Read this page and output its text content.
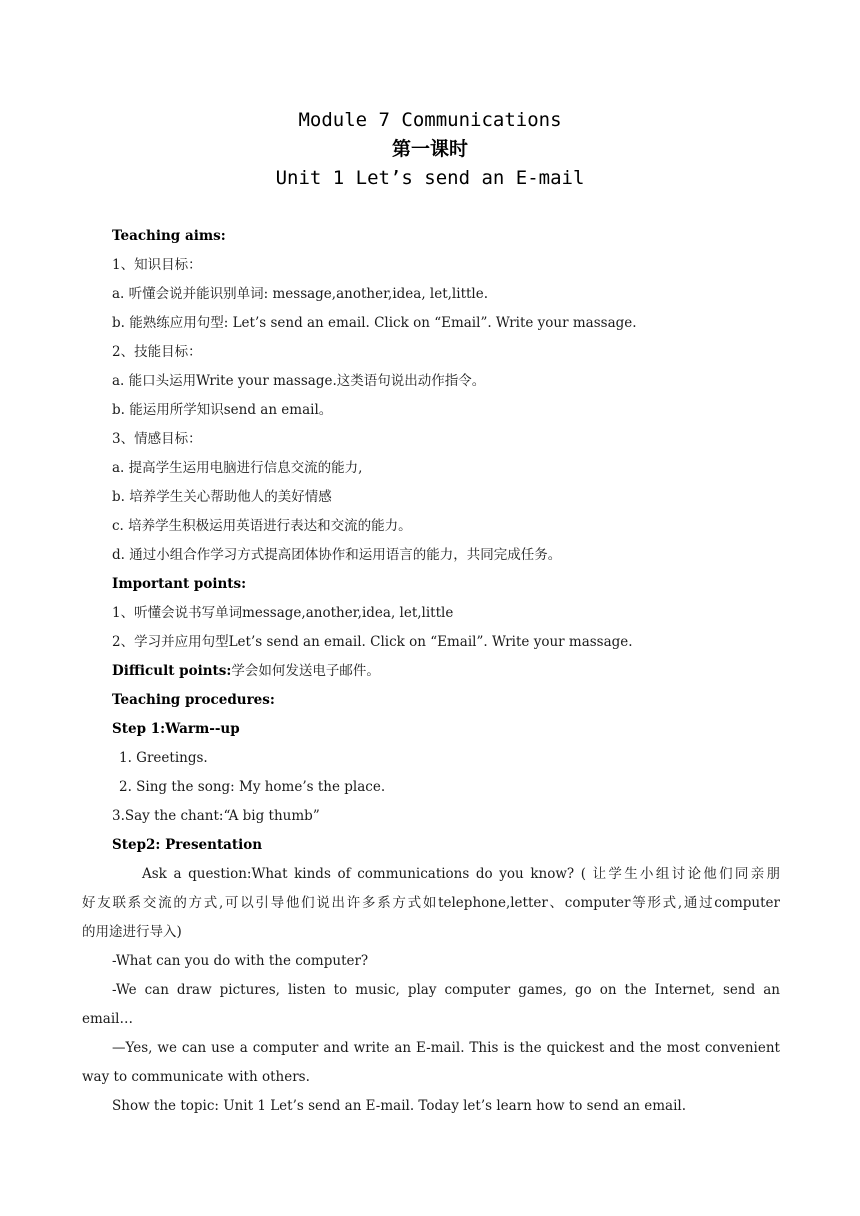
Module 7 Communications
第一课时
Unit 1 Let’s send an E-mail
Teaching aims:
1、知识目标：
a. 听懂会说并能识别单词: message,another,idea, let,little.
b. 能熟练应用句型: Let’s send an email. Click on “Email”. Write your massage.
2、技能目标：
a. 能口头运用Write your massage.这类语句说出动作指令。
b. 能运用所学知识send an email。
3、情感目标：
a. 提高学生运用电脑进行信息交流的能力,
b. 培养学生关心帮助他人的美好情感
c. 培养学生积极运用英语进行表达和交流的能力。
d. 通过小组合作学习方式提高团体协作和运用语言的能力，共同完成任务。
Important points:
1、听懂会说书写单词message,another,idea, let,little
2、学习并应用句型Let’s send an email. Click on “Email”. Write your massage.
Difficult points:学会如何发送电子邮件。
Teaching procedures:
Step 1:Warm--up
1. Greetings.
2. Sing the song: My home’s the place.
3.Say the chant:“A big thumb”
Step2: Presentation
Ask a question:What kinds of communications do you know? ( 让学生小组讨论他们同亲朋
好友联系交流的方式,可以引导他们说出许多系方式如telephone,letter、computer等形式,通过computer
的用途进行导入)
-What can you do with the computer?
-We can draw pictures, listen to music, play computer games, go on the Internet, send an
email…
—Yes, we can use a computer and write an E-mail. This is the quickest and the most convenient
way to communicate with others.
Show the topic: Unit 1 Let’s send an E-mail. Today let’s learn how to send an email.
